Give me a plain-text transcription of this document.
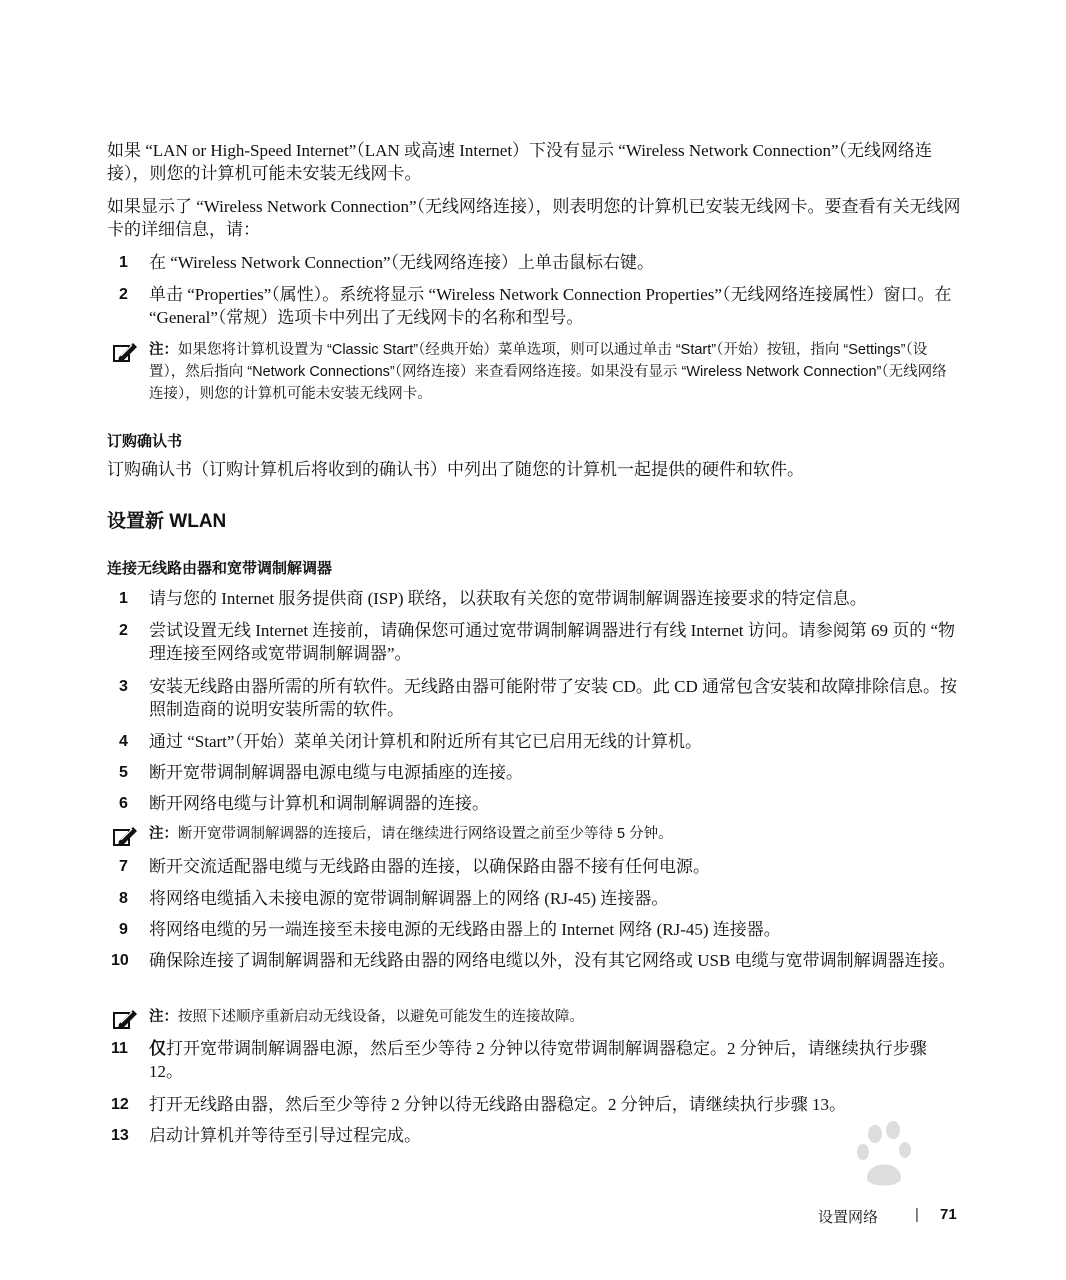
如果 “LAN or High-Speed Internet”（LAN 或高速 Internet）下没有显示 “Wireless Network Connection”（无线网络连接），则您的计算机可能未安装无线网卡。
如果显示了 “Wireless Network Connection”（无线网络连接），则表明您的计算机已安装无线网卡。要查看有关无线网卡的详细信息，请：
1 在 “Wireless Network Connection”（无线网络连接）上单击鼠标右键。
2 单击 “Properties”（属性）。系统将显示 “Wireless Network Connection Properties”（无线网络连接属性）窗口。在 “General”（常规）选项卡中列出了无线网卡的名称和型号。
注：如果您将计算机设置为 “Classic Start”（经典开始）菜单选项，则可以通过单击 “Start”（开始）按钮，指向 “Settings”（设置），然后指向 “Network Connections”（网络连接）来查看网络连接。如果没有显示 “Wireless Network Connection”（无线网络连接），则您的计算机可能未安装无线网卡。
订购确认书
订购确认书（订购计算机后将收到的确认书）中列出了随您的计算机一起提供的硬件和软件。
设置新 WLAN
连接无线路由器和宽带调制解调器
1 请与您的 Internet 服务提供商 (ISP) 联络，以获取有关您的宽带调制解调器连接要求的特定信息。
2 尝试设置无线 Internet 连接前，请确保您可通过宽带调制解调器进行有线 Internet 访问。请参阅第 69 页的 “物理连接至网络或宽带调制解调器”。
3 安装无线路由器所需的所有软件。无线路由器可能附带了安装 CD。此 CD 通常包含安装和故障排除信息。按照制造商的说明安装所需的软件。
4 通过 “Start”（开始）菜单关闭计算机和附近所有其它已启用无线的计算机。
5 断开宽带调制解调器电源电缆与电源插座的连接。
6 断开网络电缆与计算机和调制解调器的连接。
注：断开宽带调制解调器的连接后，请在继续进行网络设置之前至少等待 5 分钟。
7 断开交流适配器电缆与无线路由器的连接，以确保路由器不接有任何电源。
8 将网络电缆插入未接电源的宽带调制解调器上的网络 (RJ-45) 连接器。
9 将网络电缆的另一端连接至未接电源的无线路由器上的 Internet 网络 (RJ-45) 连接器。
10 确保除连接了调制解调器和无线路由器的网络电缆以外，没有其它网络或 USB 电缆与宽带调制解调器连接。
注：按照下述顺序重新启动无线设备，以避免可能发生的连接故障。
11 仅打开宽带调制解调器电源，然后至少等待 2 分钟以待宽带调制解调器稳定。2 分钟后，请继续执行步骤 12。
12 打开无线路由器，然后至少等待 2 分钟以待无线路由器稳定。2 分钟后，请继续执行步骤 13。
13 启动计算机并等待至引导过程完成。
设置网络 | 71
